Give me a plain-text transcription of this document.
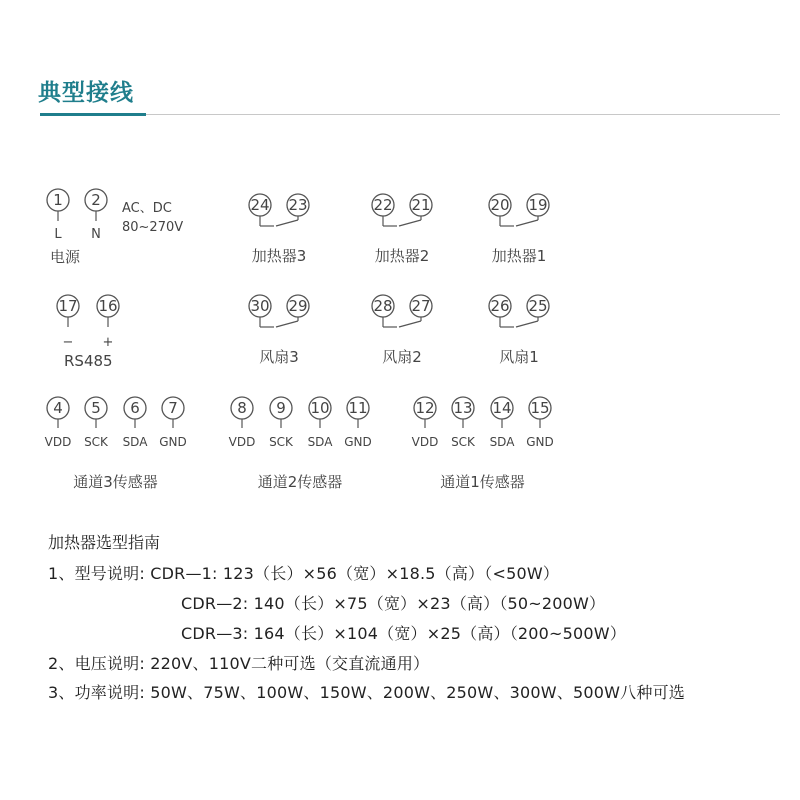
典型接线
1
L
2
N
AC、DC
80~270V
电源
17
−
16
+
RS485
24 23
加热器3
22 21
加热器2
20 19
加热器1
30 29
风扇3
28 27
风扇2
26 25
风扇1
4
VDD
5
SCK
6
SDA
7
GND
通道3传感器
8
VDD
9
SCK
10
SDA
11
GND
通道2传感器
12
VDD
13
SCK
14
SDA
15
GND
通道1传感器
加热器选型指南
1、型号说明: CDR—1: 123（长）×56（宽）×18.5（高）（<50W）
CDR—2: 140（长）×75（宽）×23（高）（50~200W）
CDR—3: 164（长）×104（宽）×25（高）（200~500W）
2、电压说明: 220V、110V二种可选（交直流通用）
3、功率说明: 50W、75W、100W、150W、200W、250W、300W、500W八种可选
